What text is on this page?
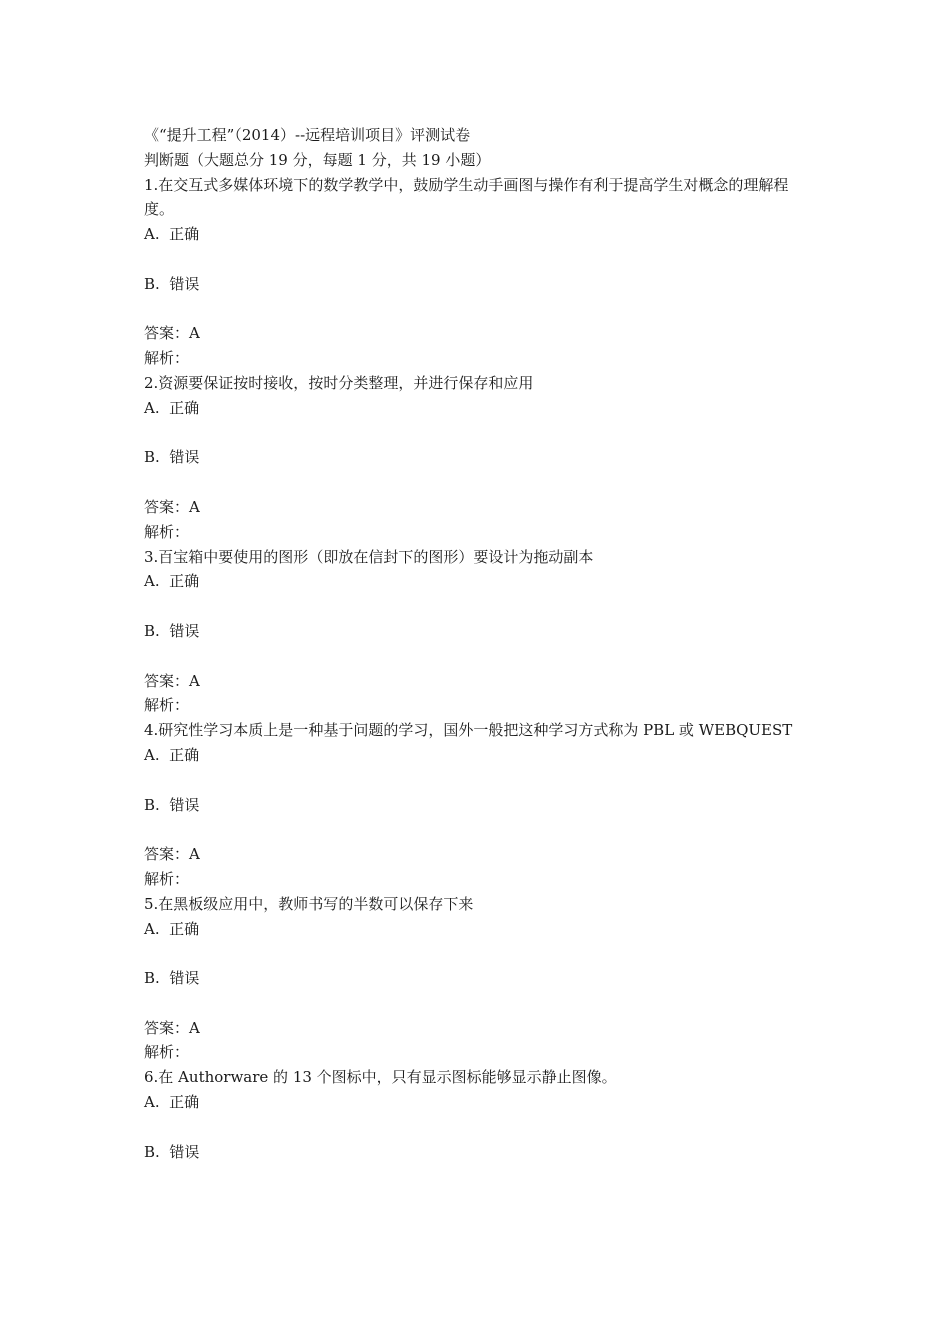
《“提升工程”（2014）--远程培训项目》评测试卷

判断题（大题总分 19 分，每题 1 分，共 19 小题）

1.在交互式多媒体环境下的数学教学中，鼓励学生动手画图与操作有利于提高学生对概念的理解程度。

A.  正确

B.  错误

答案：A

解析：

2.资源要保证按时接收，按时分类整理，并进行保存和应用

A.  正确

B.  错误

答案：A

解析：

3.百宝箱中要使用的图形（即放在信封下的图形）要设计为拖动副本

A.  正确

B.  错误

答案：A

解析：

4.研究性学习本质上是一种基于问题的学习，国外一般把这种学习方式称为 PBL 或 WEBQUEST

A.  正确

B.  错误

答案：A

解析：

5.在黑板级应用中，教师书写的半数可以保存下来

A.  正确

B.  错误

答案：A

解析：

6.在 Authorware 的 13 个图标中，只有显示图标能够显示静止图像。

A.  正确

B.  错误
